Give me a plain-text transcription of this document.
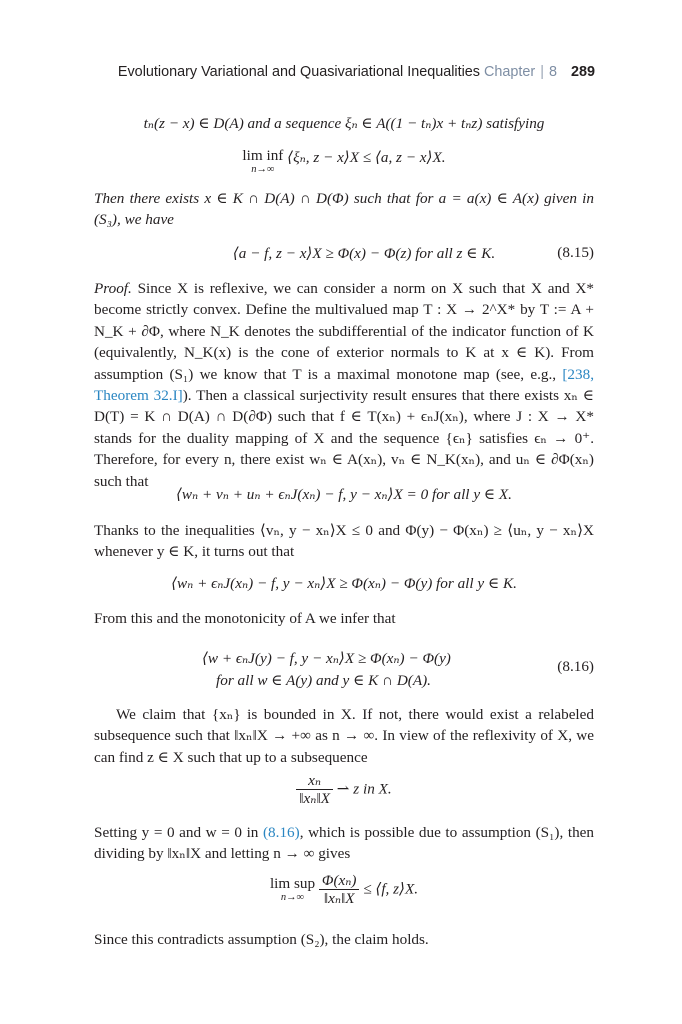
Evolutionary Variational and Quasivariational Inequalities Chapter | 8 289
tₙ(z − x) ∈ D(A) and a sequence ξₙ ∈ A((1 − tₙ)x + tₙz) satisfying
lim inf
n→∞
⟨ξₙ, z − x⟩X ≤ ⟨a, z − x⟩X.
Then there exists x ∈ K ∩ D(A) ∩ D(Φ) such that for a = a(x) ∈ A(x) given in (S₃), we have
⟨a − f, z − x⟩X ≥ Φ(x) − Φ(z) for all z ∈ K.	(8.15)
Proof. Since X is reflexive, we can consider a norm on X such that X and X* become strictly convex. Define the multivalued map T : X → 2^X* by T := A + N_K + ∂Φ, where N_K denotes the subdifferential of the indicator function of K (equivalently, N_K(x) is the cone of exterior normals to K at x ∈ K). From assumption (S₁) we know that T is a maximal monotone map (see, e.g., [238, Theorem 32.I]). Then a classical surjectivity result ensures that there exists xₙ ∈ D(T) = K ∩ D(A) ∩ D(∂Φ) such that f ∈ T(xₙ) + ϵₙJ(xₙ), where J : X → X* stands for the duality mapping of X and the sequence {ϵₙ} satisfies ϵₙ → 0⁺. Therefore, for every n, there exist wₙ ∈ A(xₙ), vₙ ∈ N_K(xₙ), and uₙ ∈ ∂Φ(xₙ) such that
⟨wₙ + vₙ + uₙ + ϵₙJ(xₙ) − f, y − xₙ⟩X = 0 for all y ∈ X.
Thanks to the inequalities ⟨vₙ, y − xₙ⟩X ≤ 0 and Φ(y) − Φ(xₙ) ≥ ⟨uₙ, y − xₙ⟩X whenever y ∈ K, it turns out that
⟨wₙ + ϵₙJ(xₙ) − f, y − xₙ⟩X ≥ Φ(xₙ) − Φ(y) for all y ∈ K.
From this and the monotonicity of A we infer that
⟨w + ϵₙJ(y) − f, y − xₙ⟩X ≥ Φ(xₙ) − Φ(y)
for all w ∈ A(y) and y ∈ K ∩ D(A).
(8.16)
We claim that {xₙ} is bounded in X. If not, there would exist a relabeled subsequence such that ‖xₙ‖X → +∞ as n → ∞. In view of the reflexivity of X, we can find z ∈ X such that up to a subsequence
$\frac{\text{xₙ}}{\text{‖xₙ‖X}}$ ⇀ z in X.
Setting y = 0 and w = 0 in (8.16), which is possible due to assumption (S₁), then dividing by ‖xₙ‖X and letting n → ∞ gives
lim sup
n→∞
$\frac{\text{Φ(xₙ)}}{\text{‖xₙ‖X}}$ ≤ ⟨f, z⟩X.
Since this contradicts assumption (S₂), the claim holds.
